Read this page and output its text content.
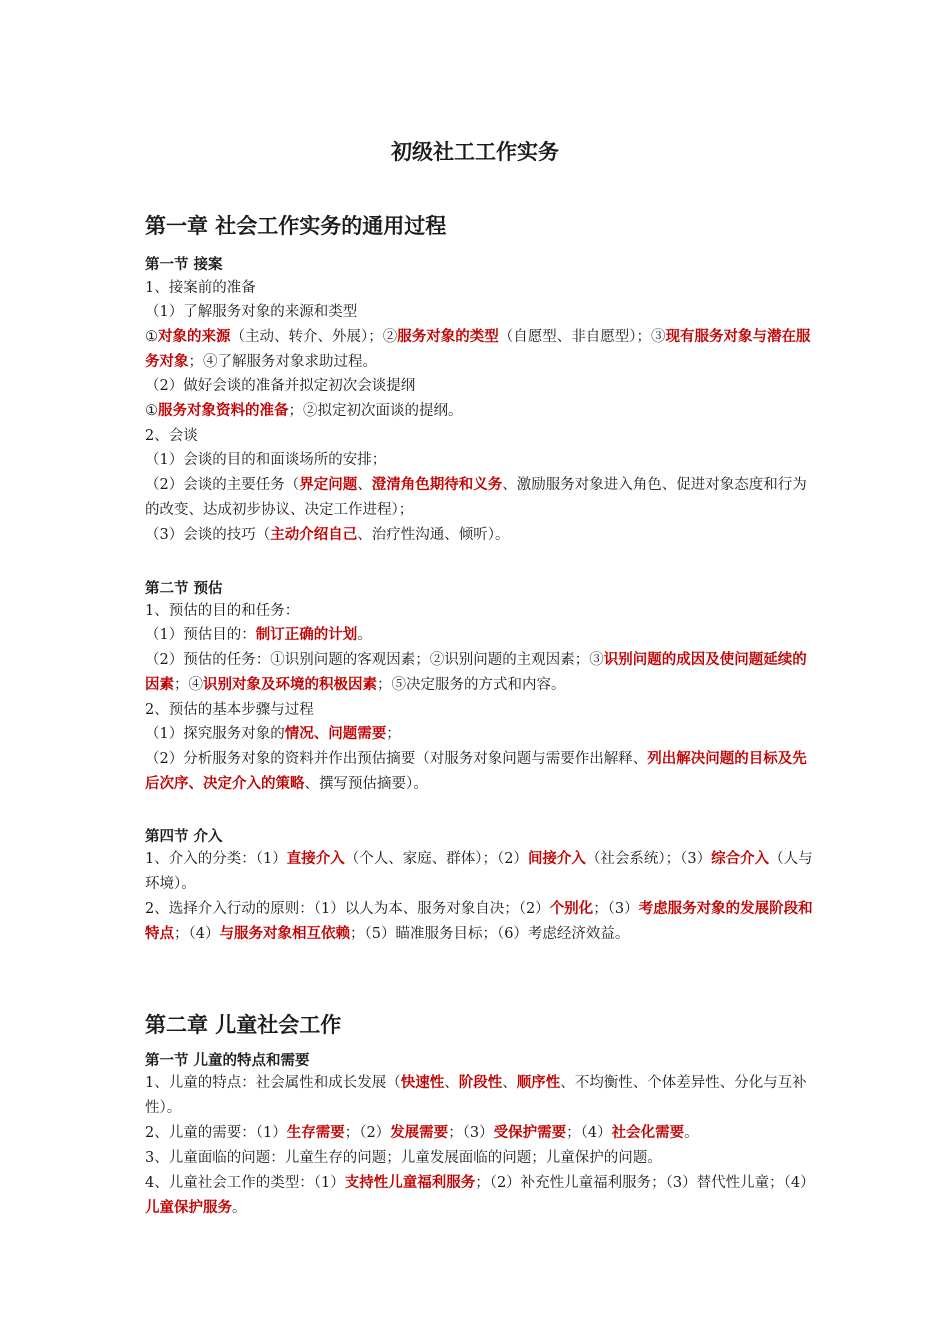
初级社工工作实务
第一章 社会工作实务的通用过程
第一节 接案
1、接案前的准备
（1）了解服务对象的来源和类型
①对象的来源（主动、转介、外展）；②服务对象的类型（自愿型、非自愿型）；③现有服务对象与潜在服务对象；④了解服务对象求助过程。
（2）做好会谈的准备并拟定初次会谈提纲
①服务对象资料的准备；②拟定初次面谈的提纲。
2、会谈
（1）会谈的目的和面谈场所的安排；
（2）会谈的主要任务（界定问题、澄清角色期待和义务、激励服务对象进入角色、促进对象态度和行为的改变、达成初步协议、决定工作进程）；
（3）会谈的技巧（主动介绍自己、治疗性沟通、倾听）。
第二节 预估
1、预估的目的和任务：
（1）预估目的：制订正确的计划。
（2）预估的任务：①识别问题的客观因素；②识别问题的主观因素；③识别问题的成因及使问题延续的因素；④识别对象及环境的积极因素；⑤决定服务的方式和内容。
2、预估的基本步骤与过程
（1）探究服务对象的情况、问题需要；
（2）分析服务对象的资料并作出预估摘要（对服务对象问题与需要作出解释、列出解决问题的目标及先后次序、决定介入的策略、撰写预估摘要）。
第四节 介入
1、介入的分类：（1）直接介入（个人、家庭、群体）；（2）间接介入（社会系统）；（3）综合介入（人与环境）。
2、选择介入行动的原则：（1）以人为本、服务对象自决；（2）个别化；（3）考虑服务对象的发展阶段和特点；（4）与服务对象相互依赖；（5）瞄准服务目标；（6）考虑经济效益。
第二章 儿童社会工作
第一节 儿童的特点和需要
1、儿童的特点：社会属性和成长发展（快速性、阶段性、顺序性、不均衡性、个体差异性、分化与互补性）。
2、儿童的需要：（1）生存需要；（2）发展需要；（3）受保护需要；（4）社会化需要。
3、儿童面临的问题：儿童生存的问题；儿童发展面临的问题；儿童保护的问题。
4、儿童社会工作的类型：（1）支持性儿童福利服务；（2）补充性儿童福利服务；（3）替代性儿童；（4）儿童保护服务。
